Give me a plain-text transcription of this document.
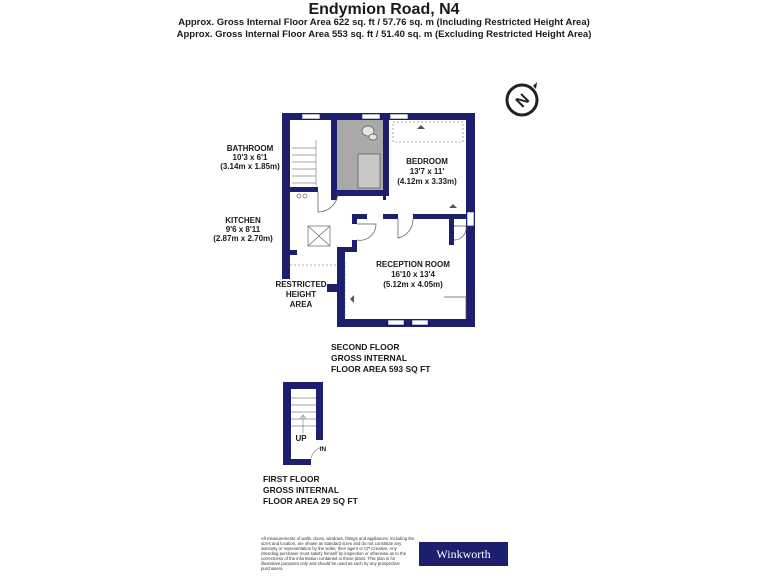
Endymion Road, N4
Approx. Gross Internal Floor Area 622 sq. ft / 57.76 sq. m (Including Restricted Height Area)
Approx. Gross Internal Floor Area 553 sq. ft / 51.40 sq. m (Excluding Restricted Height Area)
N
BATHROOM
10'3 x 6'1
(3.14m x 1.85m)
KITCHEN
9'6 x 8'11
(2.87m x 2.70m)
BEDROOM
13'7 x 11'
(4.12m x 3.33m)
RECEPTION ROOM
16'10 x 13'4
(5.12m x 4.05m)
RESTRICTED
HEIGHT
AREA
UP
IN
SECOND FLOOR
GROSS INTERNAL
FLOOR AREA 593 SQ FT
FIRST FLOOR
GROSS INTERNAL
FLOOR AREA 29 SQ FT
All measurements of walls, doors, windows, fittings and appliances, including the sizes and location, are shown as standard sizes and do not constitute any warranty or representation by the seller, their agent or CP Creative. Any intending purchaser must satisfy himself by inspection or otherwise as to the correctness of the information contained in these plans. This plan is for illustrative purposes only and should be used as such by any prospective purchasers.
Winkworth
